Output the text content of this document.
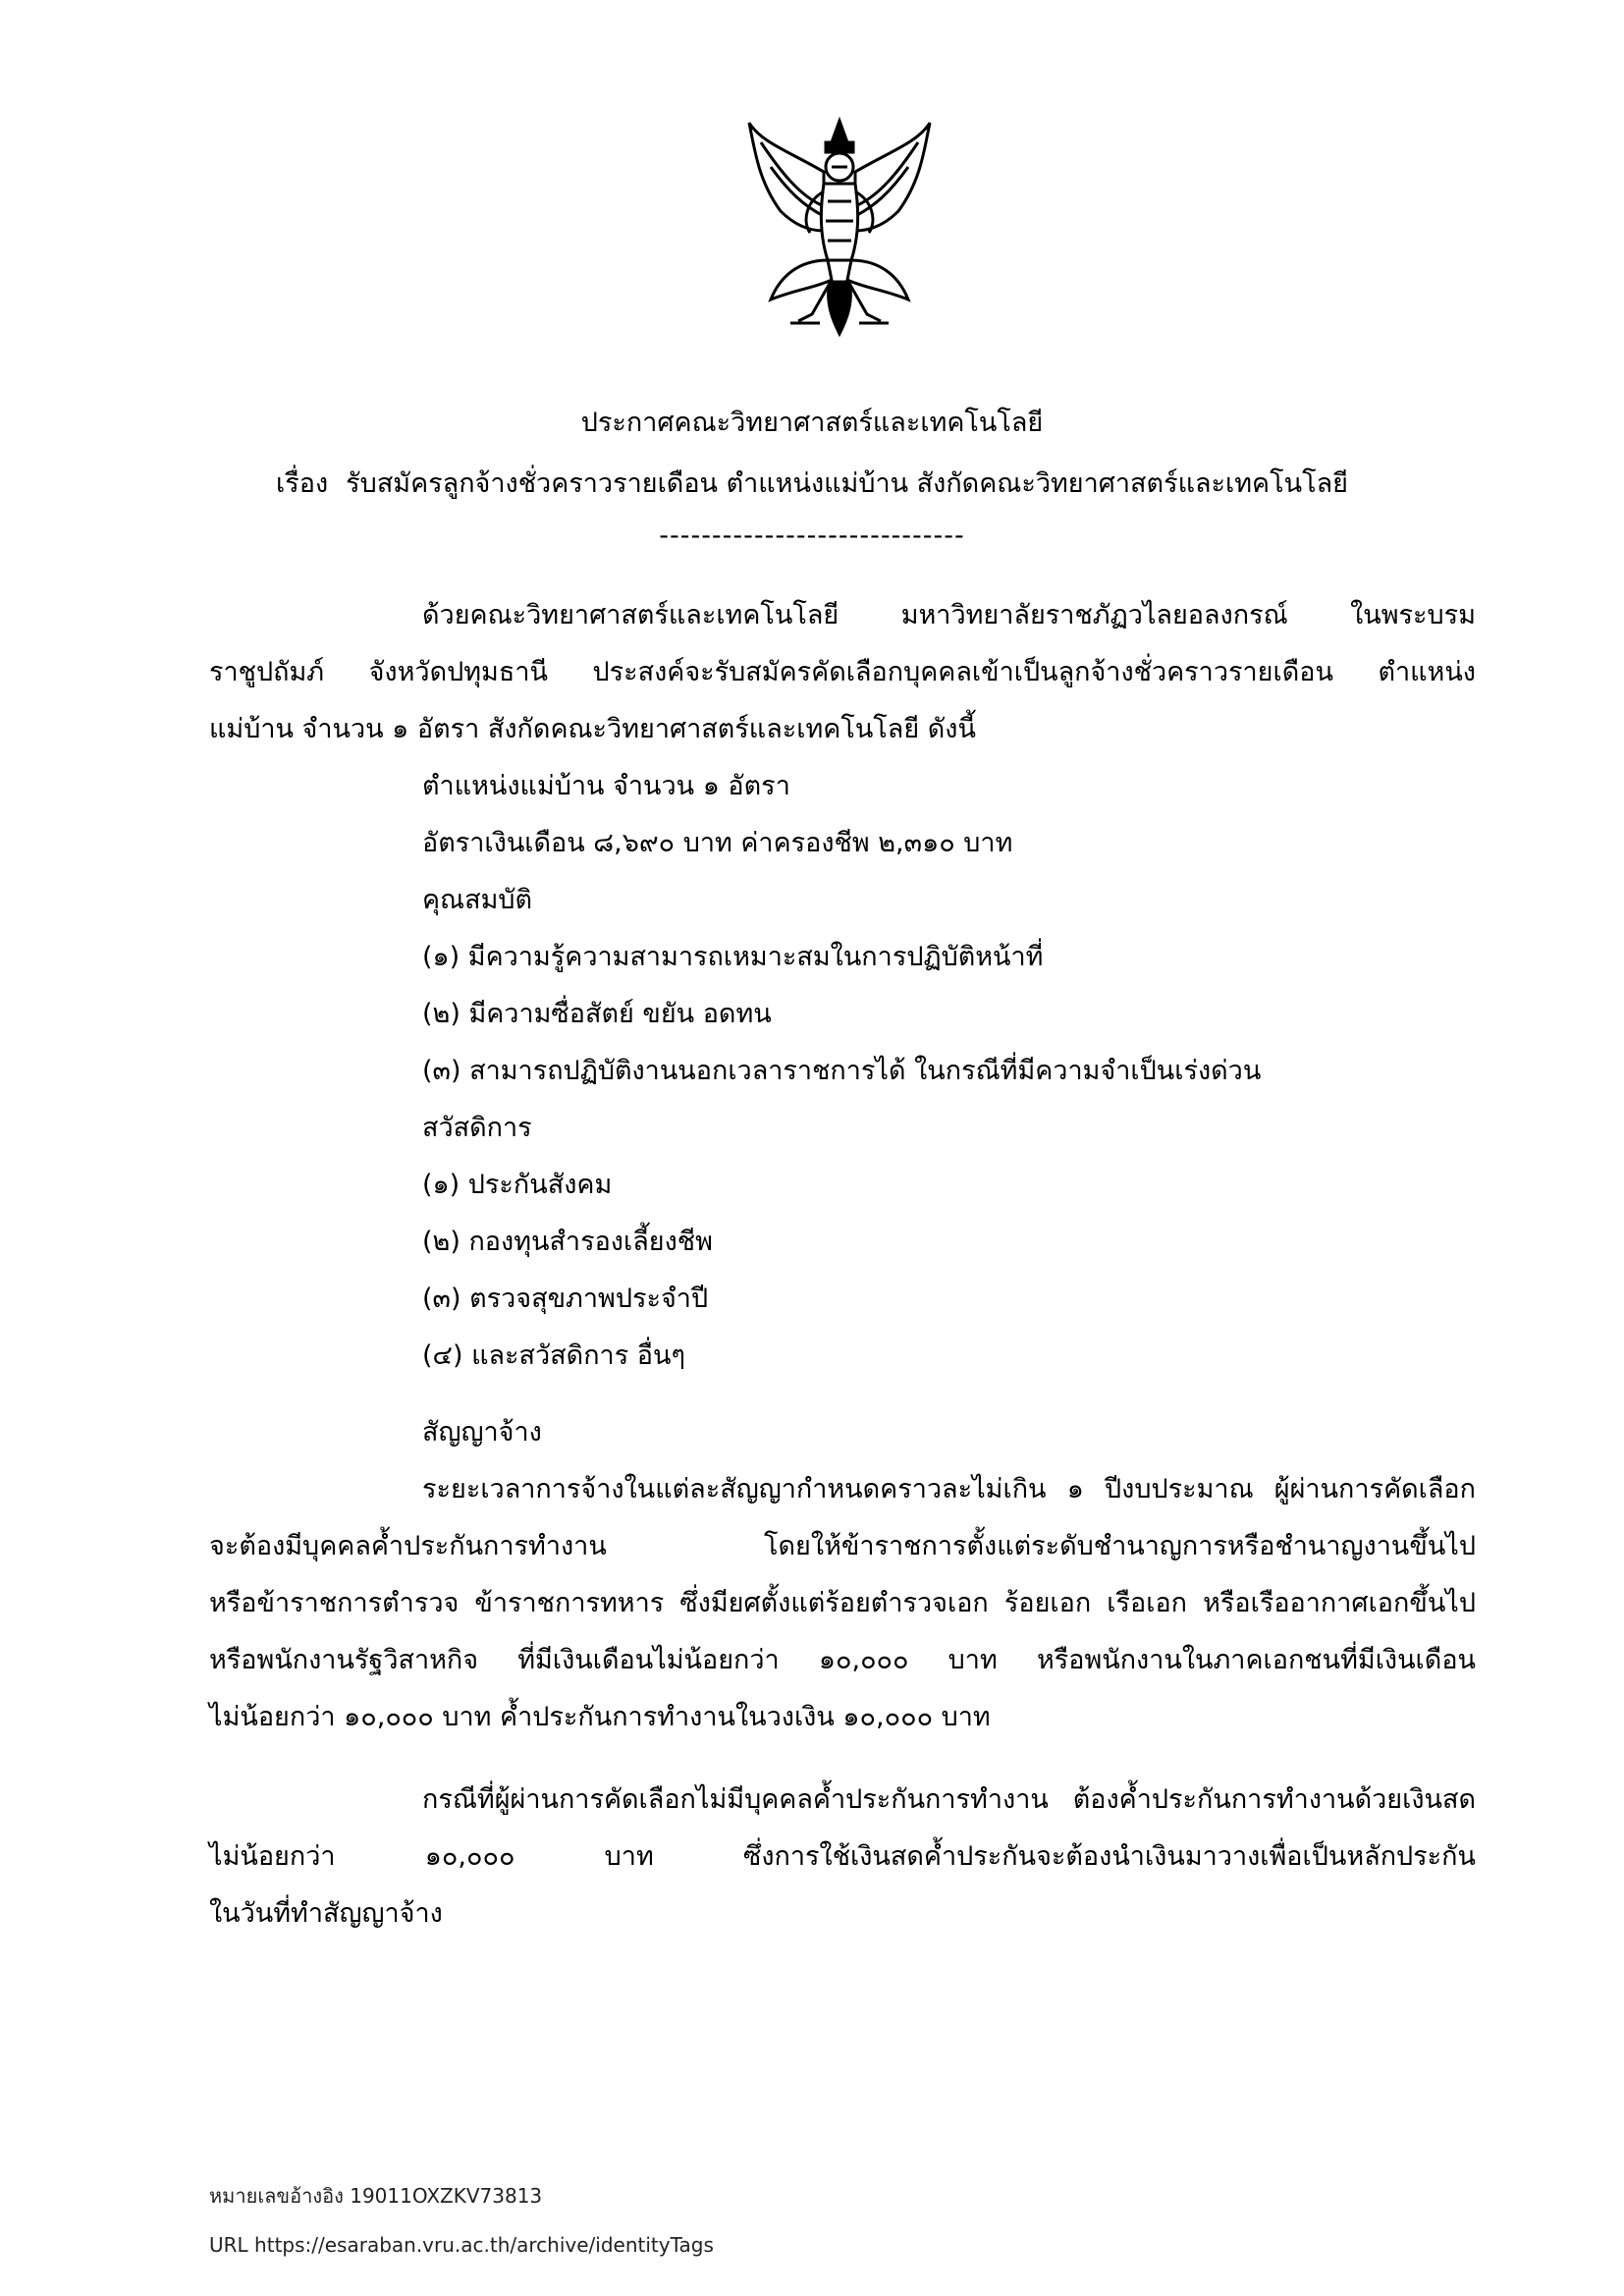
ประกาศคณะวิทยาศาสตร์และเทคโนโลยี
เรื่อง รับสมัครลูกจ้างชั่วคราวรายเดือน ตำแหน่งแม่บ้าน สังกัดคณะวิทยาศาสตร์และเทคโนโลยี
-----------------------------
ด้วยคณะวิทยาศาสตร์และเทคโนโลยี มหาวิทยาลัยราชภัฏวไลยอลงกรณ์ ในพระบรม
ราชูปถัมภ์ จังหวัดปทุมธานี ประสงค์จะรับสมัครคัดเลือกบุคคลเข้าเป็นลูกจ้างชั่วคราวรายเดือน ตำแหน่ง
แม่บ้าน จำนวน ๑ อัตรา สังกัดคณะวิทยาศาสตร์และเทคโนโลยี ดังนี้
ตำแหน่งแม่บ้าน จำนวน ๑ อัตรา
อัตราเงินเดือน ๘,๖๙๐ บาท ค่าครองชีพ ๒,๓๑๐ บาท
คุณสมบัติ
(๑) มีความรู้ความสามารถเหมาะสมในการปฏิบัติหน้าที่
(๒) มีความซื่อสัตย์ ขยัน อดทน
(๓) สามารถปฏิบัติงานนอกเวลาราชการได้ ในกรณีที่มีความจำเป็นเร่งด่วน
สวัสดิการ
(๑) ประกันสังคม
(๒) กองทุนสำรองเลี้ยงชีพ
(๓) ตรวจสุขภาพประจำปี
(๔) และสวัสดิการ อื่นๆ
สัญญาจ้าง
ระยะเวลาการจ้างในแต่ละสัญญากำหนดคราวละไม่เกิน ๑ ปีงบประมาณ ผู้ผ่านการคัดเลือก
จะต้องมีบุคคลค้ำประกันการทำงาน โดยให้ข้าราชการตั้งแต่ระดับชำนาญการหรือชำนาญงานขึ้นไป
หรือข้าราชการตำรวจ ข้าราชการทหาร ซึ่งมียศตั้งแต่ร้อยตำรวจเอก ร้อยเอก เรือเอก หรือเรืออากาศเอกขึ้นไป
หรือพนักงานรัฐวิสาหกิจ ที่มีเงินเดือนไม่น้อยกว่า ๑๐,๐๐๐ บาท หรือพนักงานในภาคเอกชนที่มีเงินเดือน
ไม่น้อยกว่า ๑๐,๐๐๐ บาท ค้ำประกันการทำงานในวงเงิน ๑๐,๐๐๐ บาท
กรณีที่ผู้ผ่านการคัดเลือกไม่มีบุคคลค้ำประกันการทำงาน ต้องค้ำประกันการทำงานด้วยเงินสด
ไม่น้อยกว่า ๑๐,๐๐๐ บาท ซึ่งการใช้เงินสดค้ำประกันจะต้องนำเงินมาวางเพื่อเป็นหลักประกัน
ในวันที่ทำสัญญาจ้าง
หมายเลขอ้างอิง 19011OXZKV73813
URL https://esaraban.vru.ac.th/archive/identityTags
